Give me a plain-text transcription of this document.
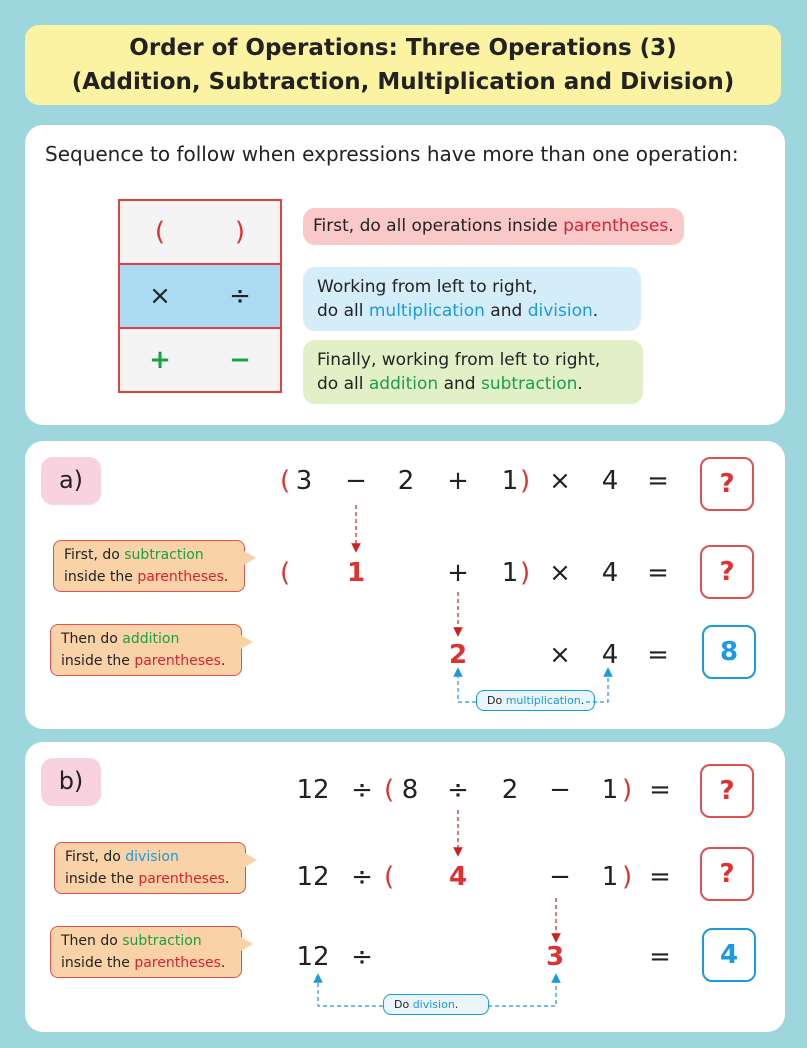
Order of Operations: Three Operations (3)
(Addition, Subtraction, Multiplication and Division)
Sequence to follow when expressions have more than one operation:
(	)
× ÷
+ −
First, do all operations inside parentheses.
Working from left to right,
do all multiplication and division.
Finally, working from left to right,
do all addition and subtraction.
a)	( 3	−	2	+	1 ) ×	4	=	?
First, do subtraction
inside the parentheses. (	1	+	1 ) ×	4	=	?
Then do addition
inside the parentheses.	2	×	4	=	8
Do multiplication.
b)	12 ÷ ( 8	÷	2	−	1 ) =	?
First, do division
inside the parentheses.	12 ÷ (	4	−	1 ) =	?
Then do subtraction
inside the parentheses.	12 ÷	3	=	4
Do division.
